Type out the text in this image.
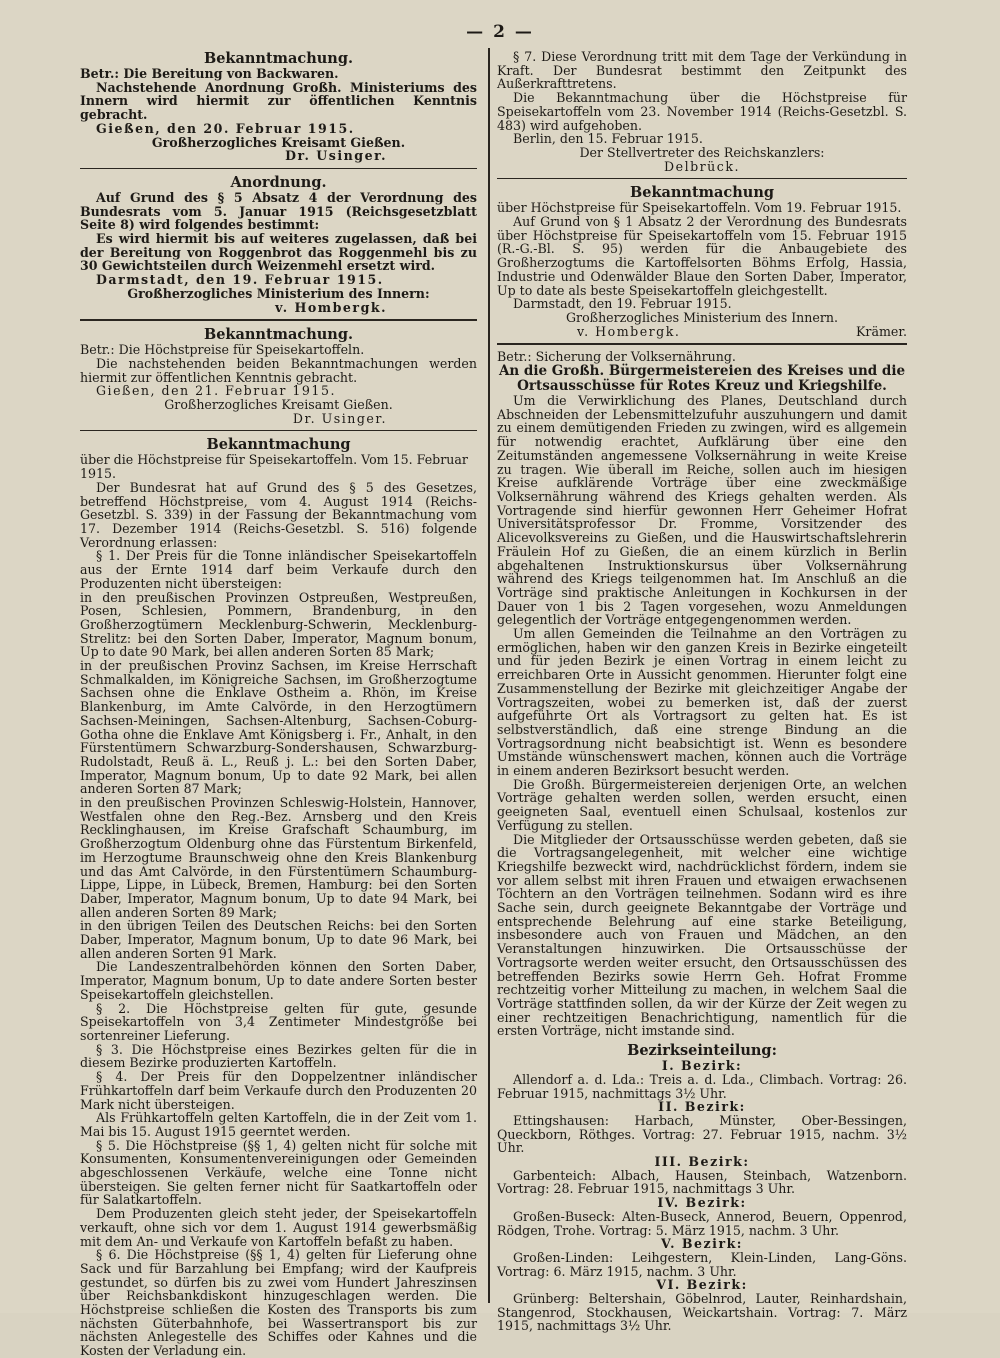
— 2 —

Bekanntmachung.

Betr.: Die Bereitung von Backwaren.

Nachstehende Anordnung Großh. Ministeriums des Innern wird hiermit zur öffentlichen Kenntnis gebracht.

Gießen, den 20. Februar 1915.

Großherzogliches Kreisamt Gießen.

Dr. Usinger.

Anordnung.

Auf Grund des § 5 Absatz 4 der Verordnung des Bundesrats vom 5. Januar 1915 (Reichsgesetzblatt Seite 8) wird folgendes bestimmt:

Es wird hiermit bis auf weiteres zugelassen, daß bei der Bereitung von Roggenbrot das Roggenmehl bis zu 30 Gewichtsteilen durch Weizenmehl ersetzt wird.

Darmstadt, den 19. Februar 1915.

Großherzogliches Ministerium des Innern:

v. Hombergk.

Bekanntmachung.

Betr.: Die Höchstpreise für Speisekartoffeln.

Die nachstehenden beiden Bekanntmachungen werden hiermit zur öffentlichen Kenntnis gebracht.

Gießen, den 21. Februar 1915.

Großherzogliches Kreisamt Gießen.

Dr. Usinger.

Bekanntmachung

über die Höchstpreise für Speisekartoffeln. Vom 15. Februar 1915.

Der Bundesrat hat auf Grund des § 5 des Gesetzes, betreffend Höchstpreise, vom 4. August 1914 (Reichs-Gesetzbl. S. 339) in der Fassung der Bekanntmachung vom 17. Dezember 1914 (Reichs-Gesetzbl. S. 516) folgende Verordnung erlassen:

§ 1. Der Preis für die Tonne inländischer Speisekartoffeln aus der Ernte 1914 darf beim Verkaufe durch den Produzenten nicht übersteigen:

in den preußischen Provinzen Ostpreußen, Westpreußen, Posen, Schlesien, Pommern, Brandenburg, in den Großherzogtümern Mecklenburg-Schwerin, Mecklenburg-Strelitz: bei den Sorten Daber, Imperator, Magnum bonum, Up to date 90 Mark, bei allen anderen Sorten 85 Mark;

in der preußischen Provinz Sachsen, im Kreise Herrschaft Schmalkalden, im Königreiche Sachsen, im Großherzogtume Sachsen ohne die Enklave Ostheim a. Rhön, im Kreise Blankenburg, im Amte Calvörde, in den Herzogtümern Sachsen-Meiningen, Sachsen-Altenburg, Sachsen-Coburg-Gotha ohne die Enklave Amt Königsberg i. Fr., Anhalt, in den Fürstentümern Schwarzburg-Sondershausen, Schwarzburg-Rudolstadt, Reuß ä. L., Reuß j. L.: bei den Sorten Daber, Imperator, Magnum bonum, Up to date 92 Mark, bei allen anderen Sorten 87 Mark;

in den preußischen Provinzen Schleswig-Holstein, Hannover, Westfalen ohne den Reg.-Bez. Arnsberg und den Kreis Recklinghausen, im Kreise Grafschaft Schaumburg, im Großherzogtum Oldenburg ohne das Fürstentum Birkenfeld, im Herzogtume Braunschweig ohne den Kreis Blankenburg und das Amt Calvörde, in den Fürstentümern Schaumburg-Lippe, Lippe, in Lübeck, Bremen, Hamburg: bei den Sorten Daber, Imperator, Magnum bonum, Up to date 94 Mark, bei allen anderen Sorten 89 Mark;

in den übrigen Teilen des Deutschen Reichs: bei den Sorten Daber, Imperator, Magnum bonum, Up to date 96 Mark, bei allen anderen Sorten 91 Mark.

Die Landeszentralbehörden können den Sorten Daber, Imperator, Magnum bonum, Up to date andere Sorten bester Speisekartoffeln gleichstellen.

§ 2. Die Höchstpreise gelten für gute, gesunde Speisekartoffeln von 3,4 Zentimeter Mindestgröße bei sortenreiner Lieferung.

§ 3. Die Höchstpreise eines Bezirkes gelten für die in diesem Bezirke produzierten Kartoffeln.

§ 4. Der Preis für den Doppelzentner inländischer Frühkartoffeln darf beim Verkaufe durch den Produzenten 20 Mark nicht übersteigen.

Als Frühkartoffeln gelten Kartoffeln, die in der Zeit vom 1. Mai bis 15. August 1915 geerntet werden.

§ 5. Die Höchstpreise (§§ 1, 4) gelten nicht für solche mit Konsumenten, Konsumentenvereinigungen oder Gemeinden abgeschlossenen Verkäufe, welche eine Tonne nicht übersteigen. Sie gelten ferner nicht für Saatkartoffeln oder für Salatkartoffeln.

Dem Produzenten gleich steht jeder, der Speisekartoffeln verkauft, ohne sich vor dem 1. August 1914 gewerbsmäßig mit dem An- und Verkaufe von Kartoffeln befaßt zu haben.

§ 6. Die Höchstpreise (§§ 1, 4) gelten für Lieferung ohne Sack und für Barzahlung bei Empfang; wird der Kaufpreis gestundet, so dürfen bis zu zwei vom Hundert Jahreszinsen über Reichsbankdiskont hinzugeschlagen werden. Die Höchstpreise schließen die Kosten des Transports bis zum nächsten Güterbahnhofe, bei Wassertransport bis zur nächsten Anlegestelle des Schiffes oder Kahnes und die Kosten der Verladung ein.

§ 7. Diese Verordnung tritt mit dem Tage der Verkündung in Kraft. Der Bundesrat bestimmt den Zeitpunkt des Außerkrafttretens.

Die Bekanntmachung über die Höchstpreise für Speisekartoffeln vom 23. November 1914 (Reichs-Gesetzbl. S. 483) wird aufgehoben.

Berlin, den 15. Februar 1915.

Der Stellvertreter des Reichskanzlers:

Delbrück.

Bekanntmachung

über Höchstpreise für Speisekartoffeln. Vom 19. Februar 1915.

Auf Grund von § 1 Absatz 2 der Verordnung des Bundesrats über Höchstpreise für Speisekartoffeln vom 15. Februar 1915 (R.-G.-Bl. S. 95) werden für die Anbaugebiete des Großherzogtums die Kartoffelsorten Böhms Erfolg, Hassia, Industrie und Odenwälder Blaue den Sorten Daber, Imperator, Up to date als beste Speisekartoffeln gleichgestellt.

Darmstadt, den 19. Februar 1915.

Großherzogliches Ministerium des Innern.

v. Hombergk.	Krämer.

Betr.: Sicherung der Volksernährung.

An die Großh. Bürgermeistereien des Kreises und die Ortsausschüsse für Rotes Kreuz und Kriegshilfe.

Um die Verwirklichung des Planes, Deutschland durch Abschneiden der Lebensmittelzufuhr auszuhungern und damit zu einem demütigenden Frieden zu zwingen, wird es allgemein für notwendig erachtet, Aufklärung über eine den Zeitumständen angemessene Volksernährung in weite Kreise zu tragen. Wie überall im Reiche, sollen auch im hiesigen Kreise aufklärende Vorträge über eine zweckmäßige Volksernährung während des Kriegs gehalten werden. Als Vortragende sind hierfür gewonnen Herr Geheimer Hofrat Universitätsprofessor Dr. Fromme, Vorsitzender des Alicevolksvereins zu Gießen, und die Hauswirtschaftslehrerin Fräulein Hof zu Gießen, die an einem kürzlich in Berlin abgehaltenen Instruktionskursus über Volksernährung während des Kriegs teilgenommen hat. Im Anschluß an die Vorträge sind praktische Anleitungen in Kochkursen in der Dauer von 1 bis 2 Tagen vorgesehen, wozu Anmeldungen gelegentlich der Vorträge entgegengenommen werden.

Um allen Gemeinden die Teilnahme an den Vorträgen zu ermöglichen, haben wir den ganzen Kreis in Bezirke eingeteilt und für jeden Bezirk je einen Vortrag in einem leicht zu erreichbaren Orte in Aussicht genommen. Hierunter folgt eine Zusammenstellung der Bezirke mit gleichzeitiger Angabe der Vortragszeiten, wobei zu bemerken ist, daß der zuerst aufgeführte Ort als Vortragsort zu gelten hat. Es ist selbstverständlich, daß eine strenge Bindung an die Vortragsordnung nicht beabsichtigt ist. Wenn es besondere Umstände wünschenswert machen, können auch die Vorträge in einem anderen Bezirksort besucht werden.

Die Großh. Bürgermeistereien derjenigen Orte, an welchen Vorträge gehalten werden sollen, werden ersucht, einen geeigneten Saal, eventuell einen Schulsaal, kostenlos zur Verfügung zu stellen.

Die Mitglieder der Ortsausschüsse werden gebeten, daß sie die Vortragsangelegenheit, mit welcher eine wichtige Kriegshilfe bezweckt wird, nachdrücklichst fördern, indem sie vor allem selbst mit ihren Frauen und etwaigen erwachsenen Töchtern an den Vorträgen teilnehmen. Sodann wird es ihre Sache sein, durch geeignete Bekanntgabe der Vorträge und entsprechende Belehrung auf eine starke Beteiligung, insbesondere auch von Frauen und Mädchen, an den Veranstaltungen hinzuwirken. Die Ortsausschüsse der Vortragsorte werden weiter ersucht, den Ortsausschüssen des betreffenden Bezirks sowie Herrn Geh. Hofrat Fromme rechtzeitig vorher Mitteilung zu machen, in welchem Saal die Vorträge stattfinden sollen, da wir der Kürze der Zeit wegen zu einer rechtzeitigen Benachrichtigung, namentlich für die ersten Vorträge, nicht imstande sind.

Bezirkseinteilung:

I. Bezirk:

Allendorf a. d. Lda.: Treis a. d. Lda., Climbach. Vortrag: 26. Februar 1915, nachmittags 3½ Uhr.

II. Bezirk:

Ettingshausen: Harbach, Münster, Ober-Bessingen, Queckborn, Röthges. Vortrag: 27. Februar 1915, nachm. 3½ Uhr.

III. Bezirk:

Garbenteich: Albach, Hausen, Steinbach, Watzenborn. Vortrag: 28. Februar 1915, nachmittags 3 Uhr.

IV. Bezirk:

Großen-Buseck: Alten-Buseck, Annerod, Beuern, Oppenrod, Rödgen, Trohe. Vortrag: 5. März 1915, nachm. 3 Uhr.

V. Bezirk:

Großen-Linden: Leihgestern, Klein-Linden, Lang-Göns. Vortrag: 6. März 1915, nachm. 3 Uhr.

VI. Bezirk:

Grünberg: Beltershain, Göbelnrod, Lauter, Reinhardshain, Stangenrod, Stockhausen, Weickartshain. Vortrag: 7. März 1915, nachmittags 3½ Uhr.
